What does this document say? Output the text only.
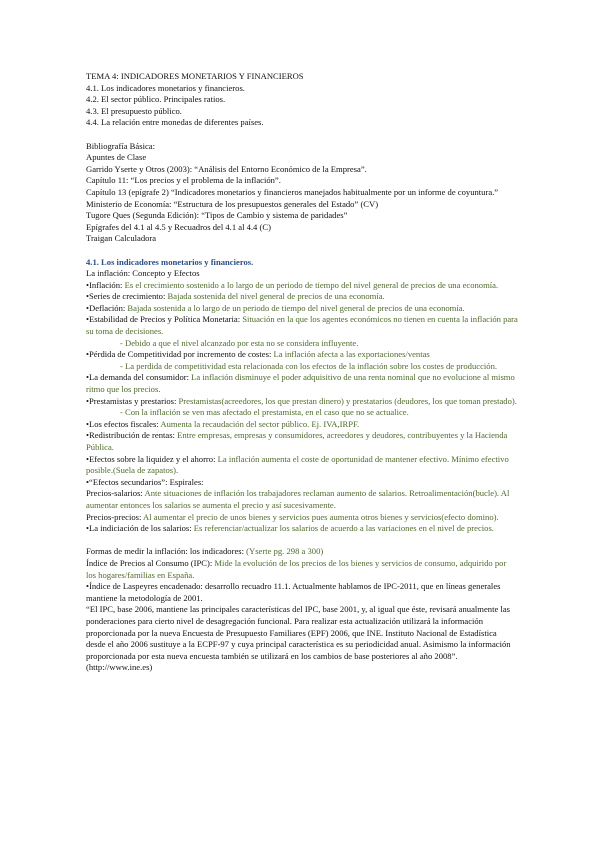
TEMA 4: INDICADORES MONETARIOS Y FINANCIEROS
4.1. Los indicadores monetarios y financieros.
4.2. El sector público. Principales ratios.
4.3. El presupuesto público.
4.4. La relación entre monedas de diferentes países.
Bibliografía Básica:
Apuntes de Clase
Garrido Yserte y Otros (2003): “Análisis del Entorno Económico de la Empresa”.
Capítulo 11: “Los precios y el problema de la inflación”.
Capítulo 13 (epígrafe 2) “Indicadores monetarios y financieros manejados habitualmente por un informe de coyuntura.”
Ministerio de Economía: “Estructura de los presupuestos generales del Estado” (CV)
Tugore Ques (Segunda Edición): “Tipos de Cambio y sistema de paridades”
Epígrafes del 4.1 al 4.5 y Recuadros del 4.1 al 4.4 (C)
Traigan Calculadora
4.1. Los indicadores monetarios y financieros.
La inflación: Concepto y Efectos
•Inflación: Es el crecimiento sostenido a lo largo de un periodo de tiempo del nivel general de precios de una economía.
•Series de crecimiento: Bajada sostenida del nivel general de precios de una economía.
•Deflación: Bajada sostenida a lo largo de un periodo de tiempo del nivel general de precios de una economía.
•Estabilidad de Precios y Política Monetaria: Situación en la que los agentes económicos no tienen en cuenta la inflación para su toma de decisiones.
- Debido a que el nivel alcanzado por esta no se considera influyente.
•Pérdida de Competitividad por incremento de costes: La inflación afecta a las exportaciones/ventas
- La perdida de competitividad esta relacionada con los efectos de la inflación sobre los costes de producción.
•La demanda del consumidor: La inflación disminuye el poder adquisitivo de una renta nominal que no evolucione al mismo ritmo que los precios.
•Prestamistas y prestarios: Prestamistas(acreedores, los que prestan dinero) y prestatarios (deudores, los que toman prestado).
- Con la inflación se ven mas afectado el prestamista, en el caso que no se actualice.
•Los efectos fiscales: Aumenta la recaudación del sector público. Ej. IVA,IRPF.
•Redistribución de rentas: Entre empresas, empresas y consumidores, acreedores y deudores, contribuyentes y la Hacienda Pública.
•Efectos sobre la liquidez y el ahorro: La inflación aumenta el coste de oportunidad de mantener efectivo. Mínimo efectivo posible.(Suela de zapatos).
•“Efectos secundarios”: Espirales:
Precios-salarios: Ante situaciones de inflación los trabajadores reclaman aumento de salarios. Retroalimentación(bucle). Al aumentar entonces los salarios se aumenta el precio y así sucesivamente.
Precios-precios: Al aumentar el precio de unos bienes y servicios pues aumenta otros bienes y servicios(efecto domino).
•La indiciación de los salarios: Es referenciar/actualizar los salarios de acuerdo a las variaciones en el nivel de precios.
Formas de medir la inflación: los indicadores: (Yserte pg. 298 a 300)
Índice de Precios al Consumo (IPC): Mide la evolución de los precios de los bienes y servicios de consumo, adquirido por los hogares/familias en España.
•Índice de Laspeyres encadenado: desarrollo recuadro 11.1. Actualmente hablamos de IPC-2011, que en líneas generales mantiene la metodología de 2001.
“El IPC, base 2006, mantiene las principales características del IPC, base 2001, y, al igual que éste, revisará anualmente las ponderaciones para cierto nivel de desagregación funcional. Para realizar esta actualización utilizará la información proporcionada por la nueva Encuesta de Presupuesto Familiares (EPF) 2006, que INE. Instituto Nacional de Estadística desde el año 2006 sustituye a la ECPF-97 y cuya principal característica es su periodicidad anual. Asimismo la información proporcionada por esta nueva encuesta también se utilizará en los cambios de base posteriores al año 2008”. (http://www.ine.es)
